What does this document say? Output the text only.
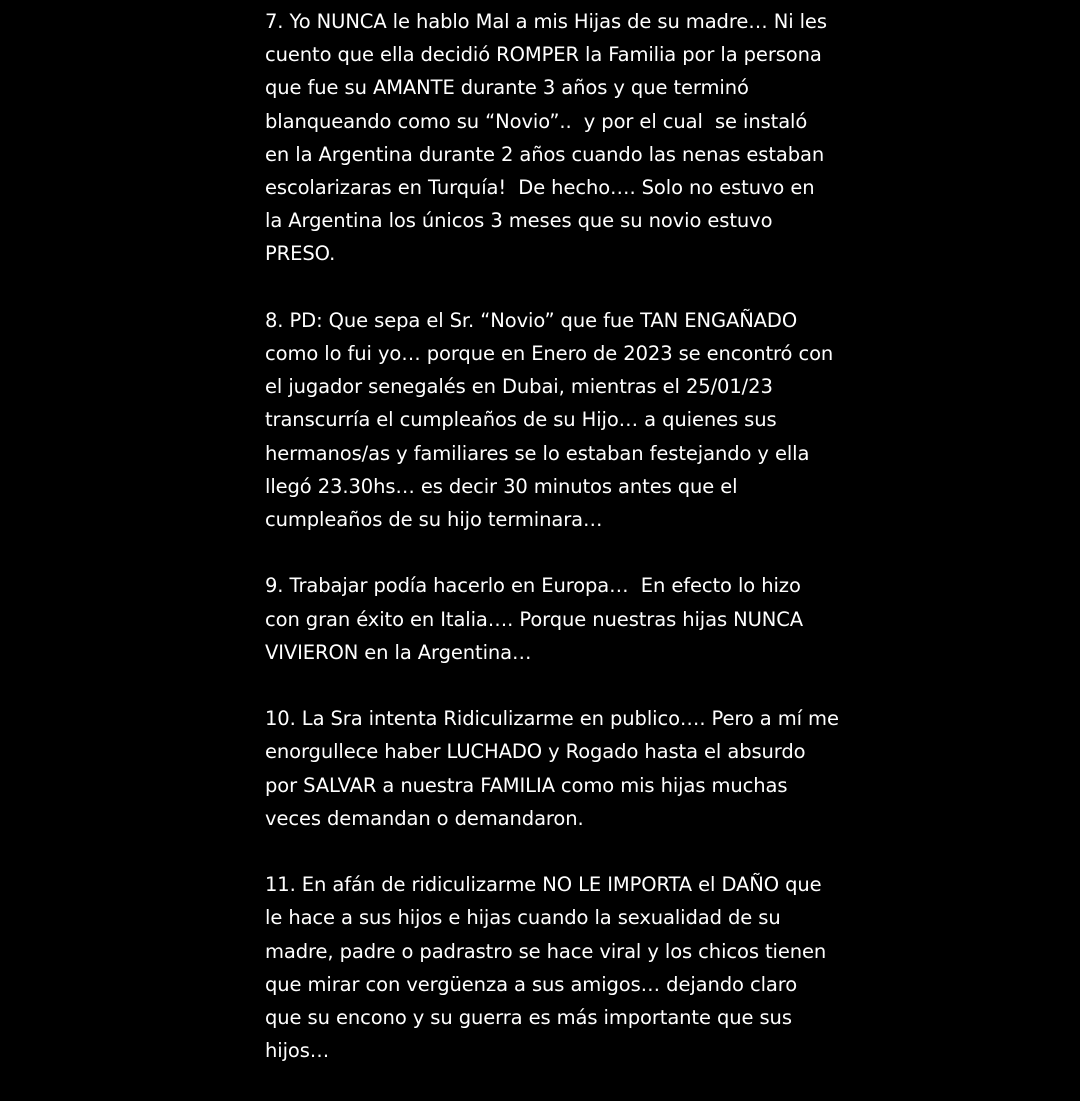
7. Yo NUNCA le hablo Mal a mis Hijas de su madre… Ni les
cuento que ella decidió ROMPER la Familia por la persona
que fue su AMANTE durante 3 años y que terminó
blanqueando como su “Novio”..  y por el cual  se instaló
en la Argentina durante 2 años cuando las nenas estaban
escolarizaras en Turquía!  De hecho…. Solo no estuvo en
la Argentina los únicos 3 meses que su novio estuvo
PRESO.

8. PD: Que sepa el Sr. “Novio” que fue TAN ENGAÑADO
como lo fui yo… porque en Enero de 2023 se encontró con
el jugador senegalés en Dubai, mientras el 25/01/23
transcurría el cumpleaños de su Hijo… a quienes sus
hermanos/as y familiares se lo estaban festejando y ella
llegó 23.30hs… es decir 30 minutos antes que el
cumpleaños de su hijo terminara…

9. Trabajar podía hacerlo en Europa…  En efecto lo hizo
con gran éxito en Italia…. Porque nuestras hijas NUNCA
VIVIERON en la Argentina…

10. La Sra intenta Ridiculizarme en publico…. Pero a mí me
enorgullece haber LUCHADO y Rogado hasta el absurdo
por SALVAR a nuestra FAMILIA como mis hijas muchas
veces demandan o demandaron.

11. En afán de ridiculizarme NO LE IMPORTA el DAÑO que
le hace a sus hijos e hijas cuando la sexualidad de su
madre, padre o padrastro se hace viral y los chicos tienen
que mirar con vergüenza a sus amigos… dejando claro
que su encono y su guerra es más importante que sus
hijos…
